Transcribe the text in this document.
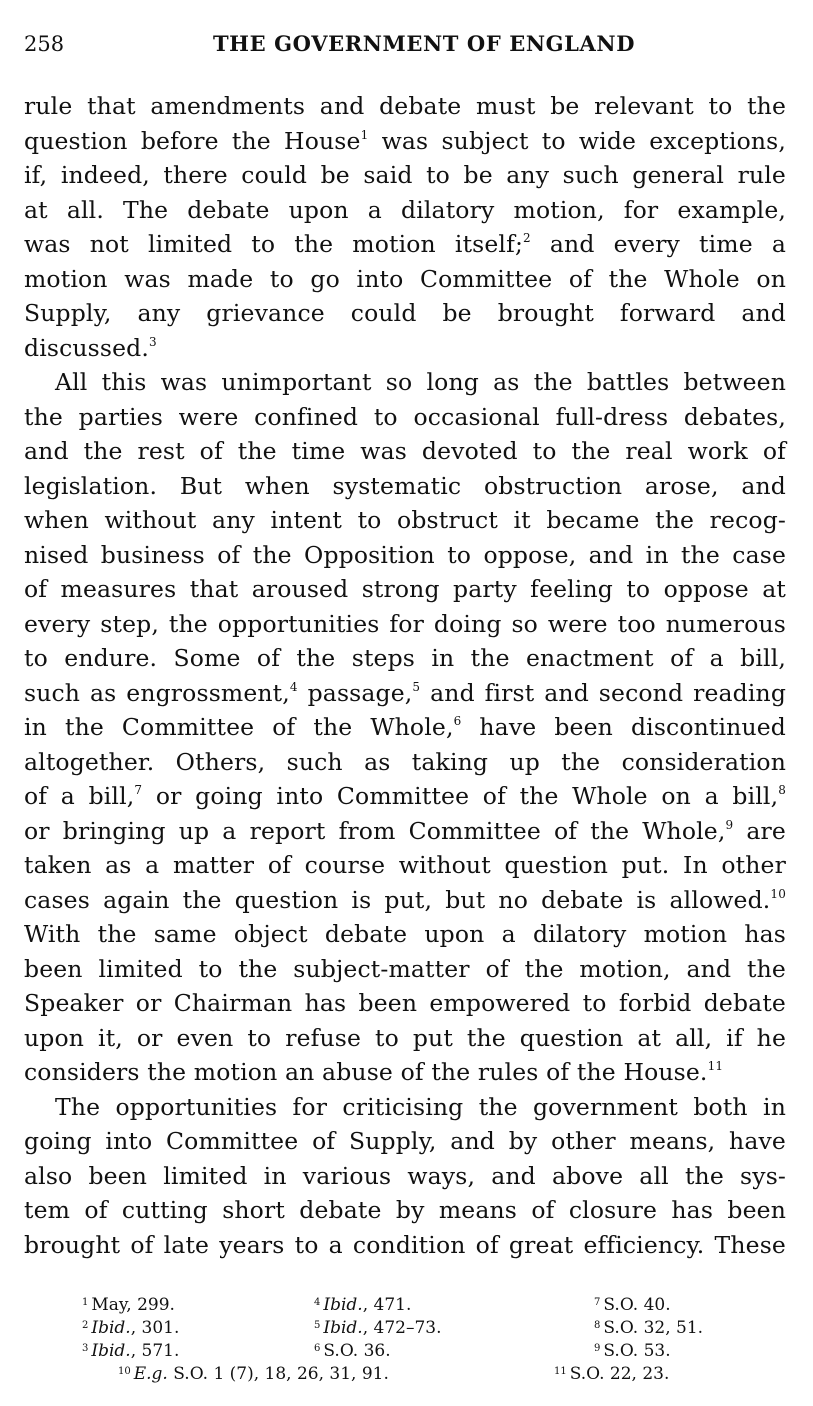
258	THE GOVERNMENT OF ENGLAND
rule that amendments and debate must be relevant to the
question before the House$^1$ was subject to wide exceptions,
if, indeed, there could be said to be any such general rule
at all. The debate upon a dilatory motion, for example,
was not limited to the motion itself;$^2$ and every time a
motion was made to go into Committee of the Whole on
Supply, any grievance could be brought forward and
discussed.$^3$
All this was unimportant so long as the battles between
the parties were confined to occasional full-dress debates,
and the rest of the time was devoted to the real work of
legislation. But when systematic obstruction arose, and
when without any intent to obstruct it became the recog-
nised business of the Opposition to oppose, and in the case
of measures that aroused strong party feeling to oppose at
every step, the opportunities for doing so were too numerous
to endure. Some of the steps in the enactment of a bill,
such as engrossment,$^4$ passage,$^5$ and first and second reading
in the Committee of the Whole,$^6$ have been discontinued
altogether. Others, such as taking up the consideration
of a bill,$^7$ or going into Committee of the Whole on a bill,$^8$
or bringing up a report from Committee of the Whole,$^9$ are
taken as a matter of course without question put. In other
cases again the question is put, but no debate is allowed.$^{10}$
With the same object debate upon a dilatory motion has
been limited to the subject-matter of the motion, and the
Speaker or Chairman has been empowered to forbid debate
upon it, or even to refuse to put the question at all, if he
considers the motion an abuse of the rules of the House.$^{11}$
The opportunities for criticising the government both in
going into Committee of Supply, and by other means, have
also been limited in various ways, and above all the sys-
tem of cutting short debate by means of closure has been
brought of late years to a condition of great efficiency. These
$^1$ May, 299.	$^4$ Ibid., 471.	$^7$ S.O. 40.
$^2$ Ibid., 301.	$^5$ Ibid., 472–73.	$^8$ S.O. 32, 51.
$^3$ Ibid., 571.	$^6$ S.O. 36.	$^9$ S.O. 53.
$^{10}$ E.g. S.O. 1 (7), 18, 26, 31, 91.	$^{11}$ S.O. 22, 23.
